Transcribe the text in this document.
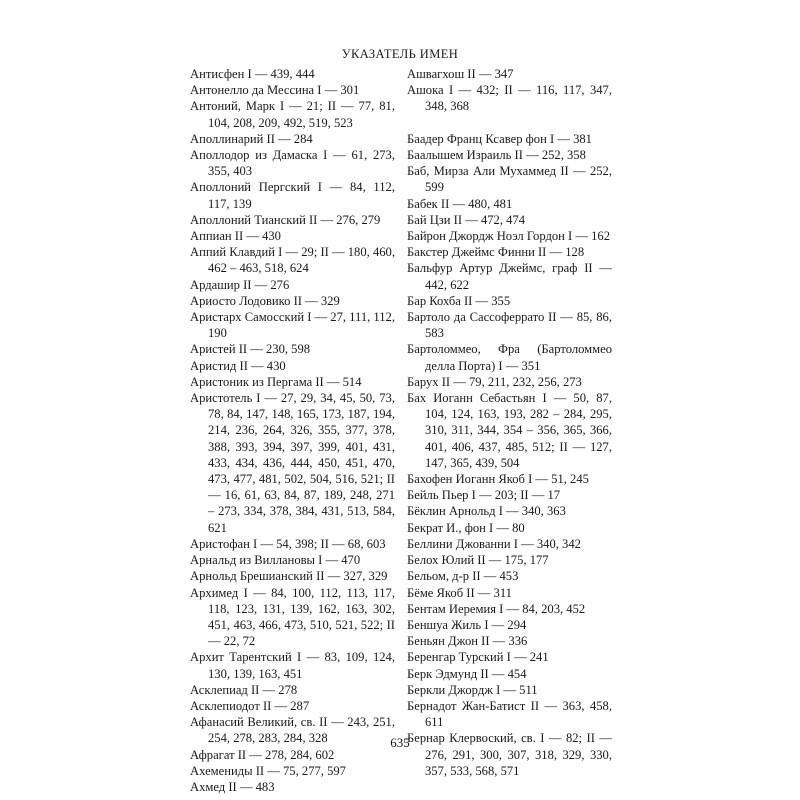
УКАЗАТЕЛЬ ИМЕН
Антисфен I — 439, 444
Антонелло да Мессина I — 301
Антоний, Марк I — 21; II — 77, 81, 104, 208, 209, 492, 519, 523
Аполлинарий II — 284
Аполлодор из Дамаска I — 61, 273, 355, 403
Аполлоний Пергский I — 84, 112, 117, 139
Аполлоний Тианский II — 276, 279
Аппиан II — 430
Аппий Клавдий I — 29; II — 180, 460, 462 – 463, 518, 624
Ардашир II — 276
Ариосто Лодовико II — 329
Аристарх Самосский I — 27, 111, 112, 190
Аристей II — 230, 598
Аристид II — 430
Аристоник из Пергама II — 514
Аристотель I — 27, 29, 34, 45, 50, 73, 78, 84, 147, 148, 165, 173, 187, 194, 214, 236, 264, 326, 355, 377, 378, 388, 393, 394, 397, 399, 401, 431, 433, 434, 436, 444, 450, 451, 470, 473, 477, 481, 502, 504, 516, 521; II — 16, 61, 63, 84, 87, 189, 248, 271 – 273, 334, 378, 384, 431, 513, 584, 621
Аристофан I — 54, 398; II — 68, 603
Арнальд из Виллановы I — 470
Арнольд Брешианский II — 327, 329
Архимед I — 84, 100, 112, 113, 117, 118, 123, 131, 139, 162, 163, 302, 451, 463, 466, 473, 510, 521, 522; II — 22, 72
Архит Тарентский I — 83, 109, 124, 130, 139, 163, 451
Асклепиад II — 278
Асклепиодот II — 287
Афанасий Великий, св. II — 243, 251, 254, 278, 283, 284, 328
Афрагат II — 278, 284, 602
Ахемениды II — 75, 277, 597
Ахмед II — 483
Ашвагхош II — 347
Ашока I — 432; II — 116, 117, 347, 348, 368

Баадер Франц Ксавер фон I — 381
Баалышем Израиль II — 252, 358
Баб, Мирза Али Мухаммед II — 252, 599
Бабек II — 480, 481
Бай Цзи II — 472, 474
Байрон Джордж Ноэл Гордон I — 162
Бакстер Джеймс Финни II — 128
Бальфур Артур Джеймс, граф II — 442, 622
Бар Кохба II — 355
Бартоло да Сассоферрато II — 85, 86, 583
Бартоломмео, Фра (Бартоломмео делла Порта) I — 351
Барух II — 79, 211, 232, 256, 273
Бах Иоганн Себастьян I — 50, 87, 104, 124, 163, 193, 282 – 284, 295, 310, 311, 344, 354 – 356, 365, 366, 401, 406, 437, 485, 512; II — 127, 147, 365, 439, 504
Бахофен Иоганн Якоб I — 51, 245
Бейль Пьер I — 203; II — 17
Бёклин Арнольд I — 340, 363
Бекрат И., фон I — 80
Беллини Джованни I — 340, 342
Белох Юлий II — 175, 177
Бельом, д-р II — 453
Бёме Якоб II — 311
Бентам Иеремия I — 84, 203, 452
Беншуа Жиль I — 294
Беньян Джон II — 336
Беренгар Турский I — 241
Берк Эдмунд II — 454
Беркли Джордж I — 511
Бернадот Жан-Батист II — 363, 458, 611
Бернар Клервоский, св. I — 82; II — 276, 291, 300, 307, 318, 329, 330, 357, 533, 568, 571
635
